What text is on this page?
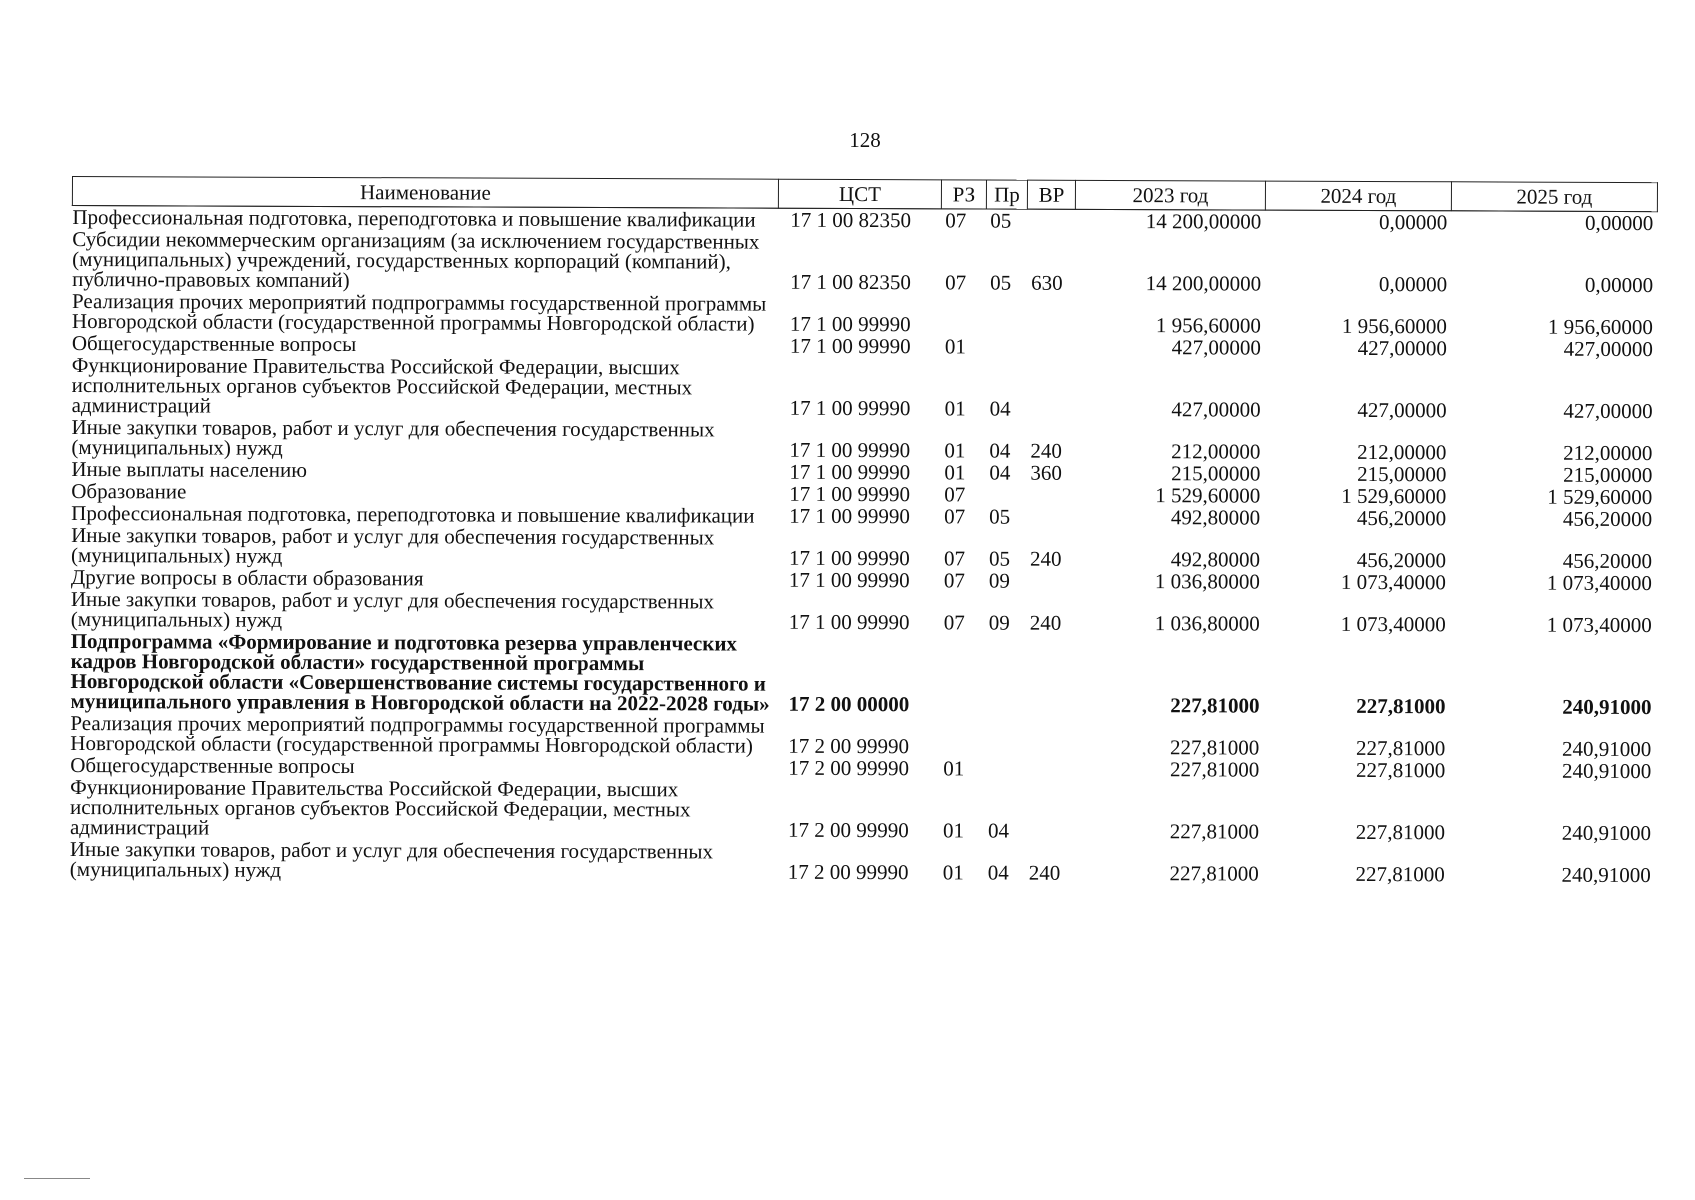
128
Наименование	ЦСТ	РЗ	Пр	ВР	2023 год	2024 год	2025 год
Профессиональная подготовка, переподготовка и повышение квалификации	17 1 00 82350	07	05		14 200,00000	0,00000	0,00000
Субсидии некоммерческим организациям (за исключением государственных (муниципальных) учреждений, государственных корпораций (компаний), публично-правовых компаний)	17 1 00 82350	07	05	630	14 200,00000	0,00000	0,00000
Реализация прочих мероприятий подпрограммы государственной программы Новгородской области (государственной программы Новгородской области)	17 1 00 99990				1 956,60000	1 956,60000	1 956,60000
Общегосударственные вопросы	17 1 00 99990	01			427,00000	427,00000	427,00000
Функционирование Правительства Российской Федерации, высших исполнительных органов субъектов Российской Федерации, местных администраций	17 1 00 99990	01	04		427,00000	427,00000	427,00000
Иные закупки товаров, работ и услуг для обеспечения государственных (муниципальных) нужд	17 1 00 99990	01	04	240	212,00000	212,00000	212,00000
Иные выплаты населению	17 1 00 99990	01	04	360	215,00000	215,00000	215,00000
Образование	17 1 00 99990	07			1 529,60000	1 529,60000	1 529,60000
Профессиональная подготовка, переподготовка и повышение квалификации	17 1 00 99990	07	05		492,80000	456,20000	456,20000
Иные закупки товаров, работ и услуг для обеспечения государственных (муниципальных) нужд	17 1 00 99990	07	05	240	492,80000	456,20000	456,20000
Другие вопросы в области образования	17 1 00 99990	07	09		1 036,80000	1 073,40000	1 073,40000
Иные закупки товаров, работ и услуг для обеспечения государственных (муниципальных) нужд	17 1 00 99990	07	09	240	1 036,80000	1 073,40000	1 073,40000
Подпрограмма «Формирование и подготовка резерва управленческих кадров Новгородской области» государственной программы Новгородской области «Совершенствование системы государственного и муниципального управления в Новгородской области на 2022-2028 годы»	17 2 00 00000				227,81000	227,81000	240,91000
Реализация прочих мероприятий подпрограммы государственной программы Новгородской области (государственной программы Новгородской области)	17 2 00 99990				227,81000	227,81000	240,91000
Общегосударственные вопросы	17 2 00 99990	01			227,81000	227,81000	240,91000
Функционирование Правительства Российской Федерации, высших исполнительных органов субъектов Российской Федерации, местных администраций	17 2 00 99990	01	04		227,81000	227,81000	240,91000
Иные закупки товаров, работ и услуг для обеспечения государственных (муниципальных) нужд	17 2 00 99990	01	04	240	227,81000	227,81000	240,91000
